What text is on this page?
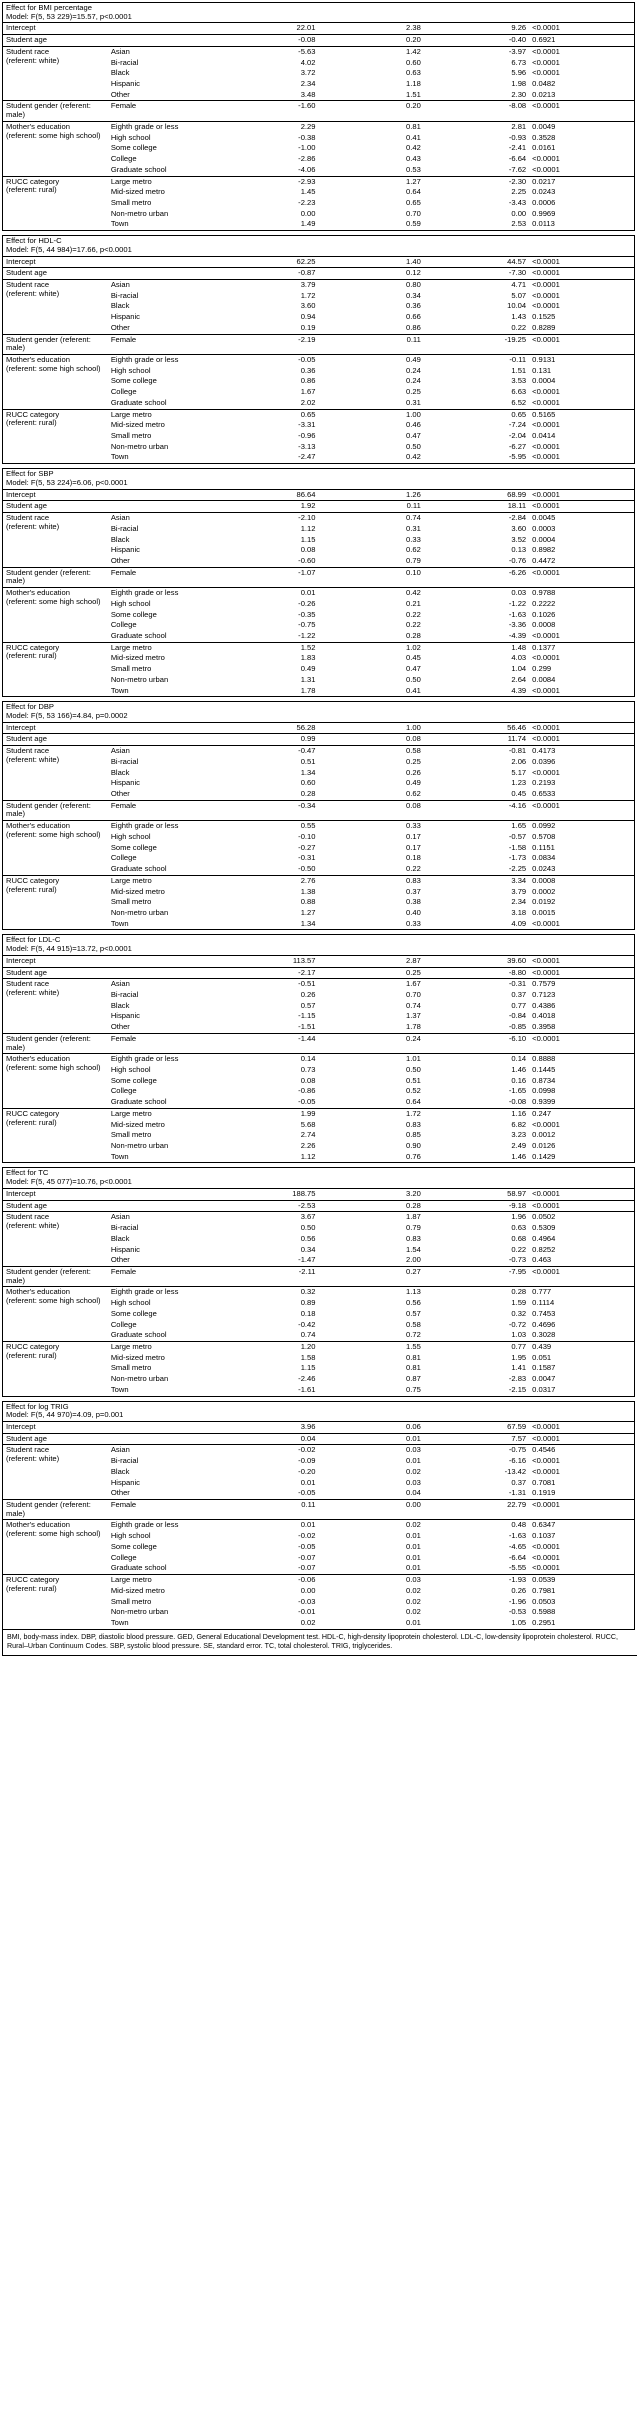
Effect for BMI percentage
Model: F(5, 53 229)=15.57, p<0.0001					

Intercept		22.01	2.38	9.26	<0.0001
Student age		-0.08	0.20	-0.40	0.6921

Student race
(referent: white)	Asian	-5.63	1.42	-3.97	<0.0001
	Bi-racial	4.02	0.60	6.73	<0.0001
	Black	3.72	0.63	5.96	<0.0001
	Hispanic	2.34	1.18	1.98	0.0482
	Other	3.48	1.51	2.30	0.0213
Student gender (referent: male)	Female	-1.60	0.20	-8.08	<0.0001

Mother's education
(referent: some high school)	Eighth grade or less	2.29	0.81	2.81	0.0049
	High school	-0.38	0.41	-0.93	0.3528
	Some college	-1.00	0.42	-2.41	0.0161
	College	-2.86	0.43	-6.64	<0.0001
	Graduate school	-4.06	0.53	-7.62	<0.0001

RUCC category
(referent: rural)	Large metro	-2.93	1.27	-2.30	0.0217
	Mid-sized metro	1.45	0.64	2.25	0.0243
	Small metro	-2.23	0.65	-3.43	0.0006
	Non-metro urban	0.00	0.70	0.00	0.9969
	Town	1.49	0.59	2.53	0.0113
Effect for HDL-C
Model: F(5, 44 984)=17.66, p<0.0001					

Intercept		62.25	1.40	44.57	<0.0001
Student age		-0.87	0.12	-7.30	<0.0001

Student race
(referent: white)	Asian	3.79	0.80	4.71	<0.0001
	Bi-racial	1.72	0.34	5.07	<0.0001
	Black	3.60	0.36	10.04	<0.0001
	Hispanic	0.94	0.66	1.43	0.1525
	Other	0.19	0.86	0.22	0.8289
Student gender (referent: male)	Female	-2.19	0.11	-19.25	<0.0001

Mother's education
(referent: some high school)	Eighth grade or less	-0.05	0.49	-0.11	0.9131
	High school	0.36	0.24	1.51	0.131
	Some college	0.86	0.24	3.53	0.0004
	College	1.67	0.25	6.63	<0.0001
	Graduate school	2.02	0.31	6.52	<0.0001

RUCC category
(referent: rural)	Large metro	0.65	1.00	0.65	0.5165
	Mid-sized metro	-3.31	0.46	-7.24	<0.0001
	Small metro	-0.96	0.47	-2.04	0.0414
	Non-metro urban	-3.13	0.50	-6.27	<0.0001
	Town	-2.47	0.42	-5.95	<0.0001
Effect for SBP
Model: F(5, 53 224)=6.06, p<0.0001					

Intercept		86.64	1.26	68.99	<0.0001
Student age		1.92	0.11	18.11	<0.0001

Student race
(referent: white)	Asian	-2.10	0.74	-2.84	0.0045
	Bi-racial	1.12	0.31	3.60	0.0003
	Black	1.15	0.33	3.52	0.0004
	Hispanic	0.08	0.62	0.13	0.8982
	Other	-0.60	0.79	-0.76	0.4472
Student gender (referent: male)	Female	-1.07	0.10	-6.26	<0.0001

Mother's education
(referent: some high school)	Eighth grade or less	0.01	0.42	0.03	0.9788
	High school	-0.26	0.21	-1.22	0.2222
	Some college	-0.35	0.22	-1.63	0.1026
	College	-0.75	0.22	-3.36	0.0008
	Graduate school	-1.22	0.28	-4.39	<0.0001

RUCC category
(referent: rural)	Large metro	1.52	1.02	1.48	0.1377
	Mid-sized metro	1.83	0.45	4.03	<0.0001
	Small metro	0.49	0.47	1.04	0.299
	Non-metro urban	1.31	0.50	2.64	0.0084
	Town	1.78	0.41	4.39	<0.0001
Effect for DBP
Model: F(5, 53 166)=4.84, p=0.0002					

Intercept		56.28	1.00	56.46	<0.0001
Student age		0.99	0.08	11.74	<0.0001

Student race
(referent: white)	Asian	-0.47	0.58	-0.81	0.4173
	Bi-racial	0.51	0.25	2.06	0.0396
	Black	1.34	0.26	5.17	<0.0001
	Hispanic	0.60	0.49	1.23	0.2193
	Other	0.28	0.62	0.45	0.6533
Student gender (referent: male)	Female	-0.34	0.08	-4.16	<0.0001

Mother's education
(referent: some high school)	Eighth grade or less	0.55	0.33	1.65	0.0992
	High school	-0.10	0.17	-0.57	0.5708
	Some college	-0.27	0.17	-1.58	0.1151
	College	-0.31	0.18	-1.73	0.0834
	Graduate school	-0.50	0.22	-2.25	0.0243

RUCC category
(referent: rural)	Large metro	2.76	0.83	3.34	0.0008
	Mid-sized metro	1.38	0.37	3.79	0.0002
	Small metro	0.88	0.38	2.34	0.0192
	Non-metro urban	1.27	0.40	3.18	0.0015
	Town	1.34	0.33	4.09	<0.0001
Effect for LDL-C
Model: F(5, 44 915)=13.72, p<0.0001					

Intercept		113.57	2.87	39.60	<0.0001
Student age		-2.17	0.25	-8.80	<0.0001

Student race
(referent: white)	Asian	-0.51	1.67	-0.31	0.7579
	Bi-racial	0.26	0.70	0.37	0.7123
	Black	0.57	0.74	0.77	0.4386
	Hispanic	-1.15	1.37	-0.84	0.4018
	Other	-1.51	1.78	-0.85	0.3958
Student gender (referent: male)	Female	-1.44	0.24	-6.10	<0.0001

Mother's education
(referent: some high school)	Eighth grade or less	0.14	1.01	0.14	0.8888
	High school	0.73	0.50	1.46	0.1445
	Some college	0.08	0.51	0.16	0.8734
	College	-0.86	0.52	-1.65	0.0998
	Graduate school	-0.05	0.64	-0.08	0.9399

RUCC category
(referent: rural)	Large metro	1.99	1.72	1.16	0.247
	Mid-sized metro	5.68	0.83	6.82	<0.0001
	Small metro	2.74	0.85	3.23	0.0012
	Non-metro urban	2.26	0.90	2.49	0.0126
	Town	1.12	0.76	1.46	0.1429
Effect for TC
Model: F(5, 45 077)=10.76, p<0.0001					

Intercept		188.75	3.20	58.97	<0.0001
Student age		-2.53	0.28	-9.18	<0.0001

Student race
(referent: white)	Asian	3.67	1.87	1.96	0.0502
	Bi-racial	0.50	0.79	0.63	0.5309
	Black	0.56	0.83	0.68	0.4964
	Hispanic	0.34	1.54	0.22	0.8252
	Other	-1.47	2.00	-0.73	0.463
Student gender (referent: male)	Female	-2.11	0.27	-7.95	<0.0001

Mother's education
(referent: some high school)	Eighth grade or less	0.32	1.13	0.28	0.777
	High school	0.89	0.56	1.59	0.1114
	Some college	0.18	0.57	0.32	0.7453
	College	-0.42	0.58	-0.72	0.4696
	Graduate school	0.74	0.72	1.03	0.3028

RUCC category
(referent: rural)	Large metro	1.20	1.55	0.77	0.439
	Mid-sized metro	1.58	0.81	1.95	0.051
	Small metro	1.15	0.81	1.41	0.1587
	Non-metro urban	-2.46	0.87	-2.83	0.0047
	Town	-1.61	0.75	-2.15	0.0317
Effect for log TRIG
Model: F(5, 44 970)=4.09, p=0.001					

Intercept		3.96	0.06	67.59	<0.0001
Student age		0.04	0.01	7.57	<0.0001

Student race
(referent: white)	Asian	-0.02	0.03	-0.75	0.4546
	Bi-racial	-0.09	0.01	-6.16	<0.0001
	Black	-0.20	0.02	-13.42	<0.0001
	Hispanic	0.01	0.03	0.37	0.7081
	Other	-0.05	0.04	-1.31	0.1919
Student gender (referent: male)	Female	0.11	0.00	22.79	<0.0001

Mother's education
(referent: some high school)	Eighth grade or less	0.01	0.02	0.48	0.6347
	High school	-0.02	0.01	-1.63	0.1037
	Some college	-0.05	0.01	-4.65	<0.0001
	College	-0.07	0.01	-6.64	<0.0001
	Graduate school	-0.07	0.01	-5.55	<0.0001

RUCC category
(referent: rural)	Large metro	-0.06	0.03	-1.93	0.0539
	Mid-sized metro	0.00	0.02	0.26	0.7981
	Small metro	-0.03	0.02	-1.96	0.0503
	Non-metro urban	-0.01	0.02	-0.53	0.5988
	Town	0.02	0.01	1.05	0.2951
BMI, body-mass index. DBP, diastolic blood pressure. GED, General Educational Development test. HDL-C, high-density lipoprotein cholesterol. LDL-C, low-density lipoprotein cholesterol. RUCC, Rural–Urban Continuum Codes. SBP, systolic blood pressure. SE, standard error. TC, total cholesterol. TRIG, triglycerides.
